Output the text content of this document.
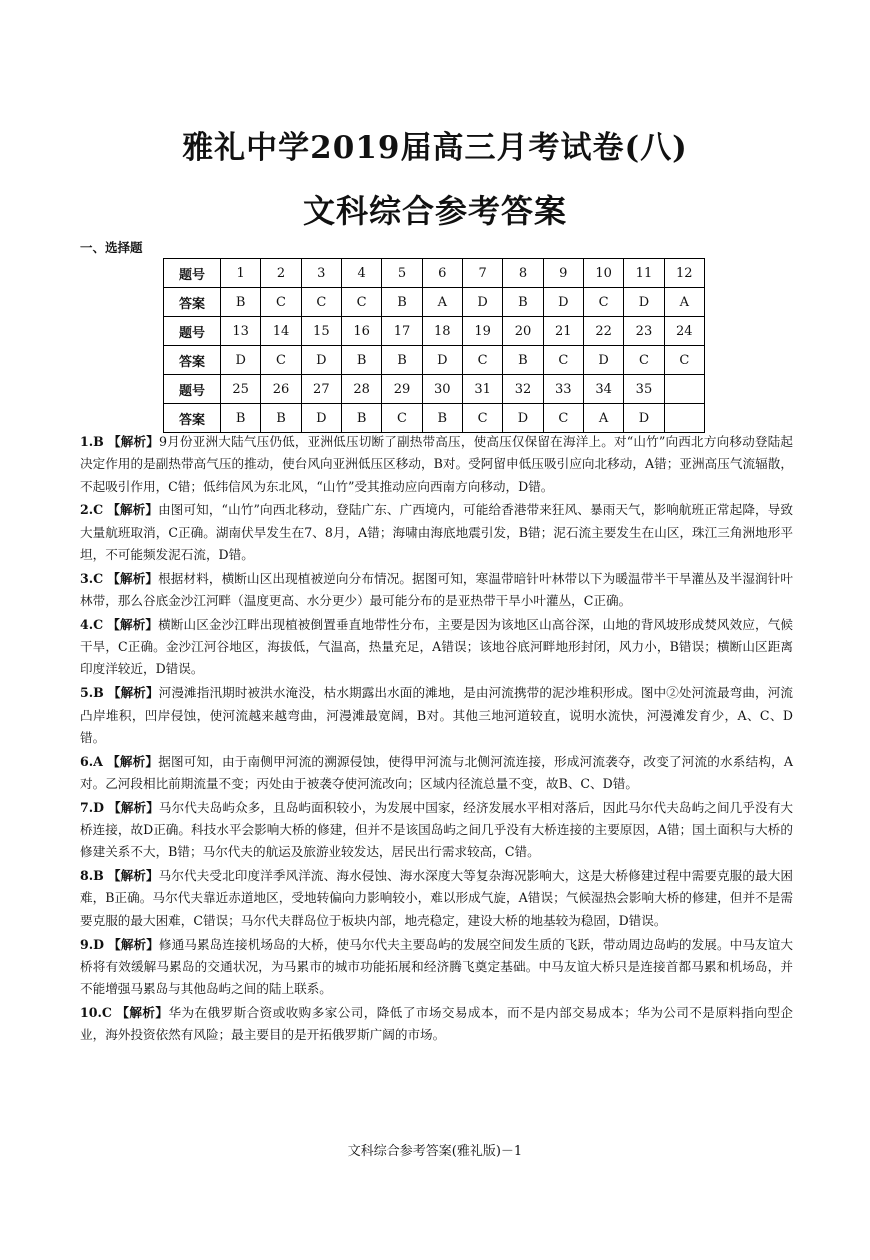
雅礼中学2019届高三月考试卷(八)
文科综合参考答案
一、选择题
题号	1	2	3	4	5	6	7	8	9	10	11	12
答案	B	C	C	C	B	A	D	B	D	C	D	A
题号	13	14	15	16	17	18	19	20	21	22	23	24
答案	D	C	D	B	B	D	C	B	C	D	C	C
题号	25	26	27	28	29	30	31	32	33	34	35	
答案	B	B	D	B	C	B	C	D	C	A	D	
1.B 【解析】9月份亚洲大陆气压仍低，亚洲低压切断了副热带高压，使高压仅保留在海洋上。对“山竹”向西北方向移动登陆起决定作用的是副热带高气压的推动，使台风向亚洲低压区移动，B对。受阿留申低压吸引应向北移动，A错；亚洲高压气流辐散，不起吸引作用，C错；低纬信风为东北风，“山竹”受其推动应向西南方向移动，D错。
2.C 【解析】由图可知，“山竹”向西北移动，登陆广东、广西境内，可能给香港带来狂风、暴雨天气，影响航班正常起降，导致大量航班取消，C正确。湖南伏旱发生在7、8月，A错；海啸由海底地震引发，B错；泥石流主要发生在山区，珠江三角洲地形平坦，不可能频发泥石流，D错。
3.C 【解析】根据材料，横断山区出现植被逆向分布情况。据图可知，寒温带暗针叶林带以下为暖温带半干旱灌丛及半湿润针叶林带，那么谷底金沙江河畔（温度更高、水分更少）最可能分布的是亚热带干旱小叶灌丛，C正确。
4.C 【解析】横断山区金沙江畔出现植被倒置垂直地带性分布，主要是因为该地区山高谷深，山地的背风坡形成焚风效应，气候干旱，C正确。金沙江河谷地区，海拔低，气温高，热量充足，A错误；该地谷底河畔地形封闭，风力小，B错误；横断山区距离印度洋较近，D错误。
5.B 【解析】河漫滩指汛期时被洪水淹没，枯水期露出水面的滩地，是由河流携带的泥沙堆积形成。图中②处河流最弯曲，河流凸岸堆积，凹岸侵蚀，使河流越来越弯曲，河漫滩最宽阔，B对。其他三地河道较直，说明水流快，河漫滩发育少，A、C、D错。
6.A 【解析】据图可知，由于南侧甲河流的溯源侵蚀，使得甲河流与北侧河流连接，形成河流袭夺，改变了河流的水系结构，A对。乙河段相比前期流量不变；丙处由于被袭夺使河流改向；区域内径流总量不变，故B、C、D错。
7.D 【解析】马尔代夫岛屿众多，且岛屿面积较小，为发展中国家，经济发展水平相对落后，因此马尔代夫岛屿之间几乎没有大桥连接，故D正确。科技水平会影响大桥的修建，但并不是该国岛屿之间几乎没有大桥连接的主要原因，A错；国土面积与大桥的修建关系不大，B错；马尔代夫的航运及旅游业较发达，居民出行需求较高，C错。
8.B 【解析】马尔代夫受北印度洋季风洋流、海水侵蚀、海水深度大等复杂海况影响大，这是大桥修建过程中需要克服的最大困难，B正确。马尔代夫靠近赤道地区，受地转偏向力影响较小，难以形成气旋，A错误；气候湿热会影响大桥的修建，但并不是需要克服的最大困难，C错误；马尔代夫群岛位于板块内部，地壳稳定，建设大桥的地基较为稳固，D错误。
9.D 【解析】修通马累岛连接机场岛的大桥，使马尔代夫主要岛屿的发展空间发生质的飞跃，带动周边岛屿的发展。中马友谊大桥将有效缓解马累岛的交通状况，为马累市的城市功能拓展和经济腾飞奠定基础。中马友谊大桥只是连接首都马累和机场岛，并不能增强马累岛与其他岛屿之间的陆上联系。
10.C 【解析】华为在俄罗斯合资或收购多家公司，降低了市场交易成本，而不是内部交易成本；华为公司不是原料指向型企业，海外投资依然有风险；最主要目的是开拓俄罗斯广阔的市场。
文科综合参考答案(雅礼版)－1
